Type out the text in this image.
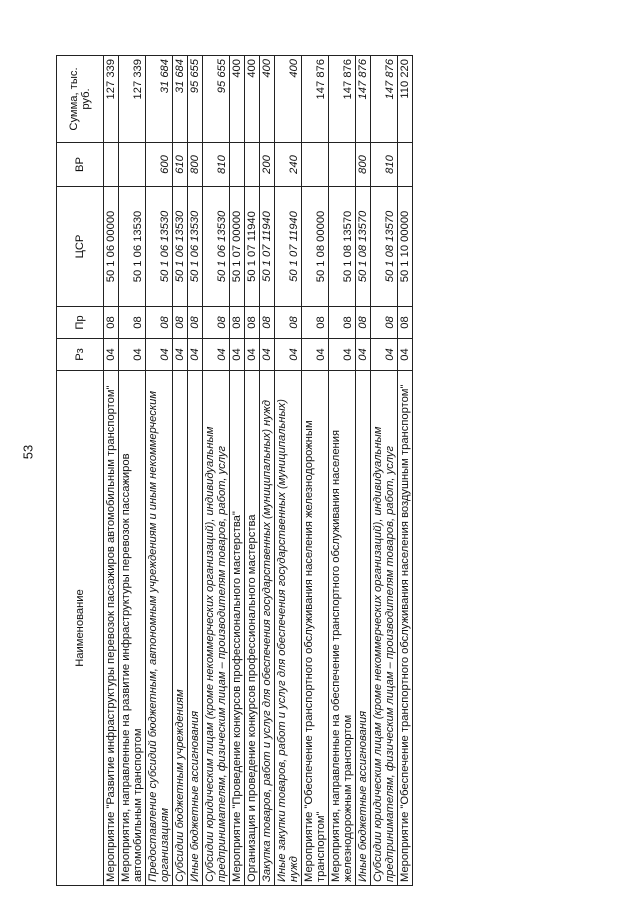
53
Наименование	Рз	Пр	ЦСР	ВР	Сумма, тыс. руб.
Мероприятие "Развитие инфраструктуры перевозок пассажиров автомобильным транспортом"	04	08	50 1 06 00000		127 339
Мероприятия, направленные на развитие инфраструктуры перевозок пассажиров автомобильным транспортом	04	08	50 1 06 13530		127 339
Предоставление субсидий бюджетным, автономным учреждениям и иным некоммерческим организациям	04	08	50 1 06 13530	600	31 684
Субсидии бюджетным учреждениям	04	08	50 1 06 13530	610	31 684
Иные бюджетные ассигнования	04	08	50 1 06 13530	800	95 655
Субсидии юридическим лицам (кроме некоммерческих организаций), индивидуальным предпринимателям, физическим лицам – производителям товаров, работ, услуг	04	08	50 1 06 13530	810	95 655
Мероприятие "Проведение конкурсов профессионального мастерства"	04	08	50 1 07 00000		400
Организация и проведение конкурсов профессионального мастерства	04	08	50 1 07 11940		400
Закупка товаров, работ и услуг для обеспечения государственных (муниципальных) нужд	04	08	50 1 07 11940	200	400
Иные закупки товаров, работ и услуг для обеспечения государственных (муниципальных) нужд	04	08	50 1 07 11940	240	400
Мероприятие "Обеспечение транспортного обслуживания населения железнодорожным транспортом"	04	08	50 1 08 00000		147 876
Мероприятия, направленные на обеспечение транспортного обслуживания населения железнодорожным транспортом	04	08	50 1 08 13570		147 876
Иные бюджетные ассигнования	04	08	50 1 08 13570	800	147 876
Субсидии юридическим лицам (кроме некоммерческих организаций), индивидуальным предпринимателям, физическим лицам – производителям товаров, работ, услуг	04	08	50 1 08 13570	810	147 876
Мероприятие "Обеспечение транспортного обслуживания населения воздушным транспортом"	04	08	50 1 10 00000		110 220
